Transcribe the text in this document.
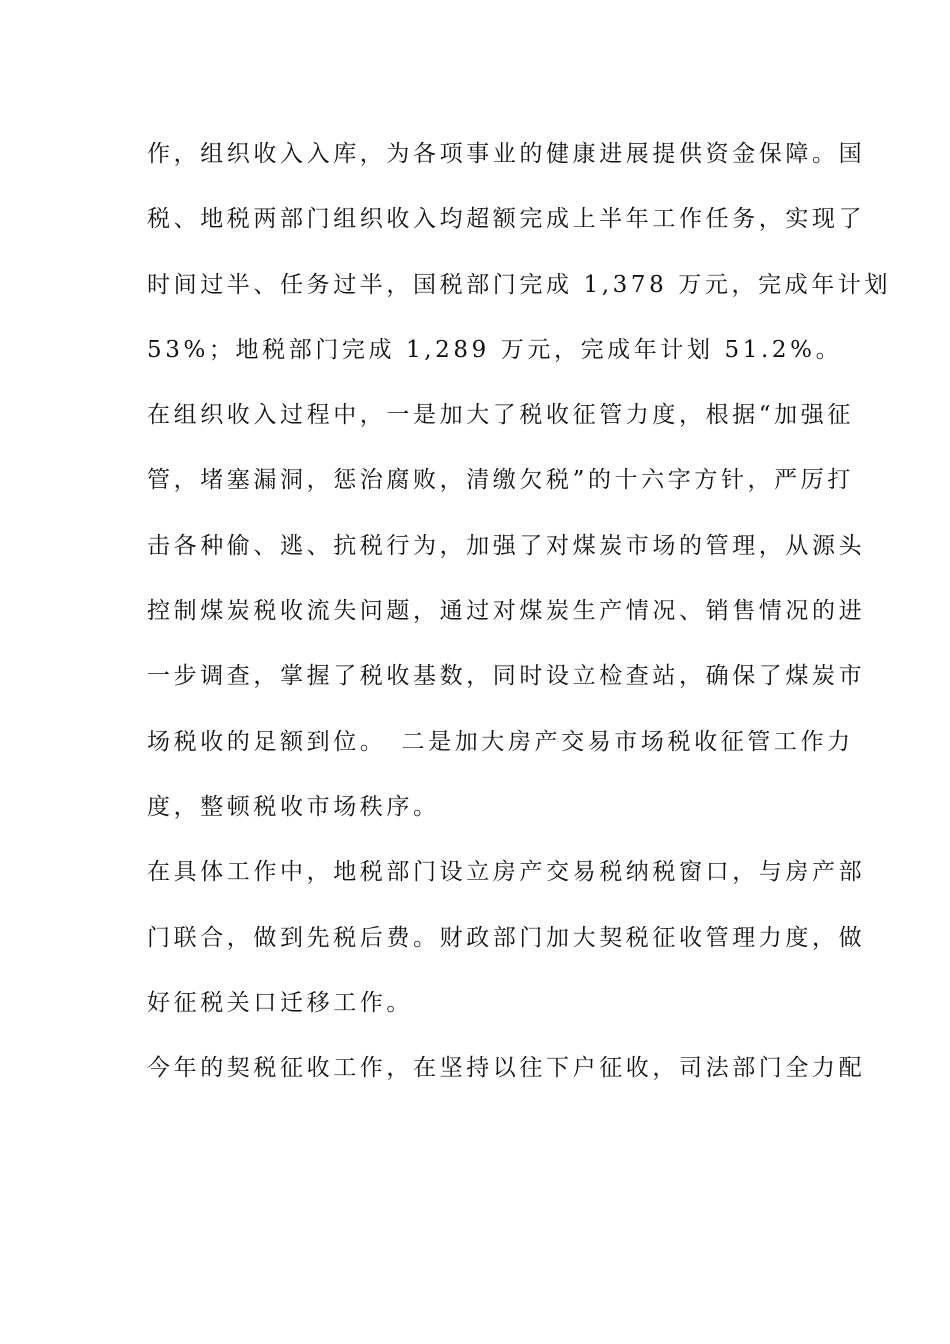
作，组织收入入库，为各项事业的健康进展提供资金保障。国
税、地税两部门组织收入均超额完成上半年工作任务，实现了
时间过半、任务过半，国税部门完成 1,378 万元，完成年计划
53%；地税部门完成 1,289 万元，完成年计划 51.2%。
在组织收入过程中，一是加大了税收征管力度，根据“加强征
管，堵塞漏洞，惩治腐败，清缴欠税”的十六字方针，严厉打
击各种偷、逃、抗税行为，加强了对煤炭市场的管理，从源头
控制煤炭税收流失问题，通过对煤炭生产情况、销售情况的进
一步调查，掌握了税收基数，同时设立检查站，确保了煤炭市
场税收的足额到位。　二是加大房产交易市场税收征管工作力
度，整顿税收市场秩序。
在具体工作中，地税部门设立房产交易税纳税窗口，与房产部
门联合，做到先税后费。财政部门加大契税征收管理力度，做
好征税关口迁移工作。
今年的契税征收工作，在坚持以往下户征收，司法部门全力配
